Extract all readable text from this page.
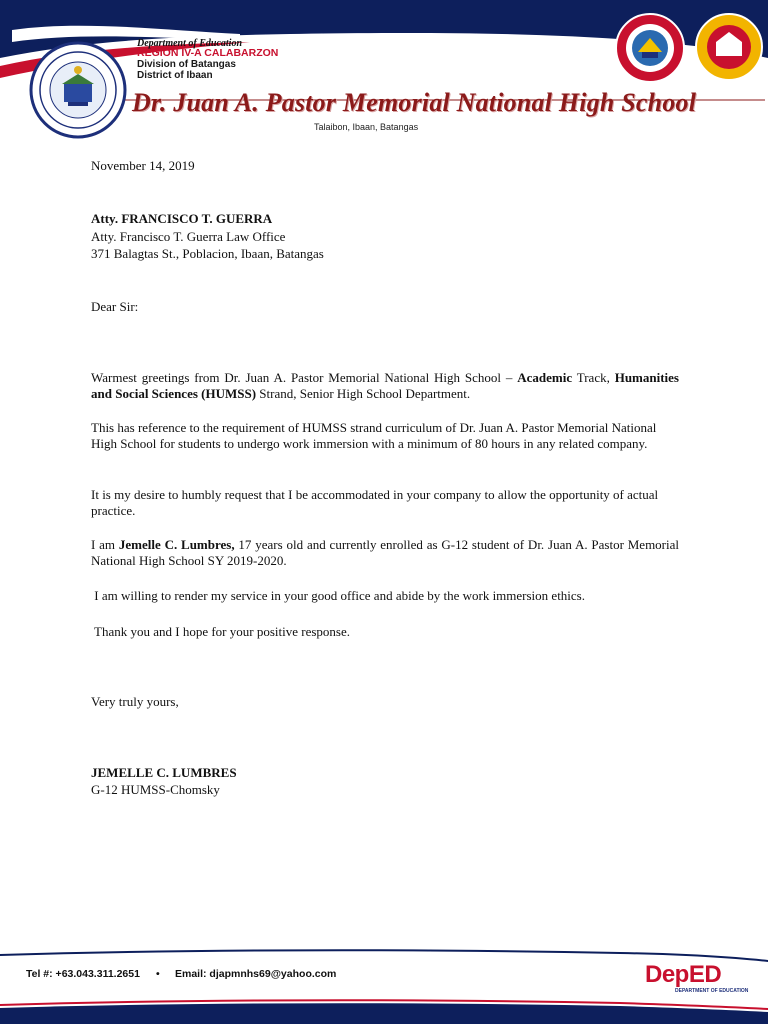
Department of Education
REGION IV-A CALABARZON
Division of Batangas
District of Ibaan
Dr. Juan A. Pastor Memorial National High School
Talaibon, Ibaan, Batangas
November 14, 2019
Atty. FRANCISCO T. GUERRA
Atty. Francisco T. Guerra Law Office
371 Balagtas St., Poblacion, Ibaan, Batangas
Dear Sir:
Warmest greetings from Dr. Juan A. Pastor Memorial National High School – Academic Track, Humanities and Social Sciences (HUMSS) Strand, Senior High School Department.
This has reference to the requirement of HUMSS strand curriculum of Dr. Juan A. Pastor Memorial National High School for students to undergo work immersion with a minimum of 80 hours in any related company.
It is my desire to humbly request that I be accommodated in your company to allow the opportunity of actual practice.
I am Jemelle C. Lumbres, 17 years old and currently enrolled as G-12 student of Dr. Juan A. Pastor Memorial National High School SY 2019-2020.
I am willing to render my service in your good office and abide by the work immersion ethics.
Thank you and I hope for your positive response.
Very truly yours,
JEMELLE C. LUMBRES
G-12 HUMSS-Chomsky
Tel #: +63.043.311.2651 • Email: djapmnhs69@yahoo.com	DepED
DEPARTMENT OF EDUCATION
